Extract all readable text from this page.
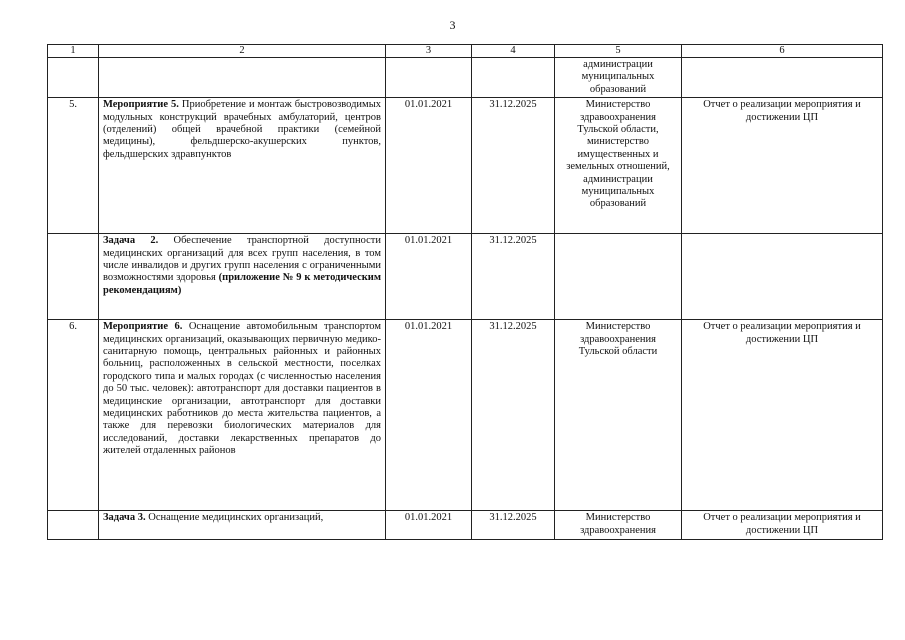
3
1	2	3	4	5	6
				администрации муниципальных образований	
5.	Мероприятие 5. Приобретение и монтаж быстровозводимых модульных конструкций врачебных амбулаторий, центров (отделений) общей врачебной практики (семейной медицины), фельдшерско-акушерских пунктов, фельдшерских здравпунктов	01.01.2021	31.12.2025	Министерство здравоохранения Тульской области, министерство имущественных и земельных отношений, администрации муниципальных образований	Отчет о реализации мероприятия и достижении ЦП
	Задача 2. Обеспечение транспортной доступности медицинских организаций для всех групп населения, в том числе инвалидов и других групп населения с ограниченными возможностями здоровья (приложение № 9 к методическим рекомендациям)	01.01.2021	31.12.2025		
6.	Мероприятие 6. Оснащение автомобильным транспортом медицинских организаций, оказывающих первичную медико-санитарную помощь, центральных районных и районных больниц, расположенных в сельской местности, поселках городского типа и малых городах (с численностью населения до 50 тыс. человек): автотранспорт для доставки пациентов в медицинские организации, автотранспорт для доставки медицинских работников до места жительства пациентов, а также для перевозки биологических материалов для исследований, доставки лекарственных препаратов до жителей отдаленных районов	01.01.2021	31.12.2025	Министерство здравоохранения Тульской области	Отчет о реализации мероприятия и достижении ЦП
	Задача 3. Оснащение медицинских организаций,	01.01.2021	31.12.2025	Министерство здравоохранения	Отчет о реализации мероприятия и достижении ЦП
